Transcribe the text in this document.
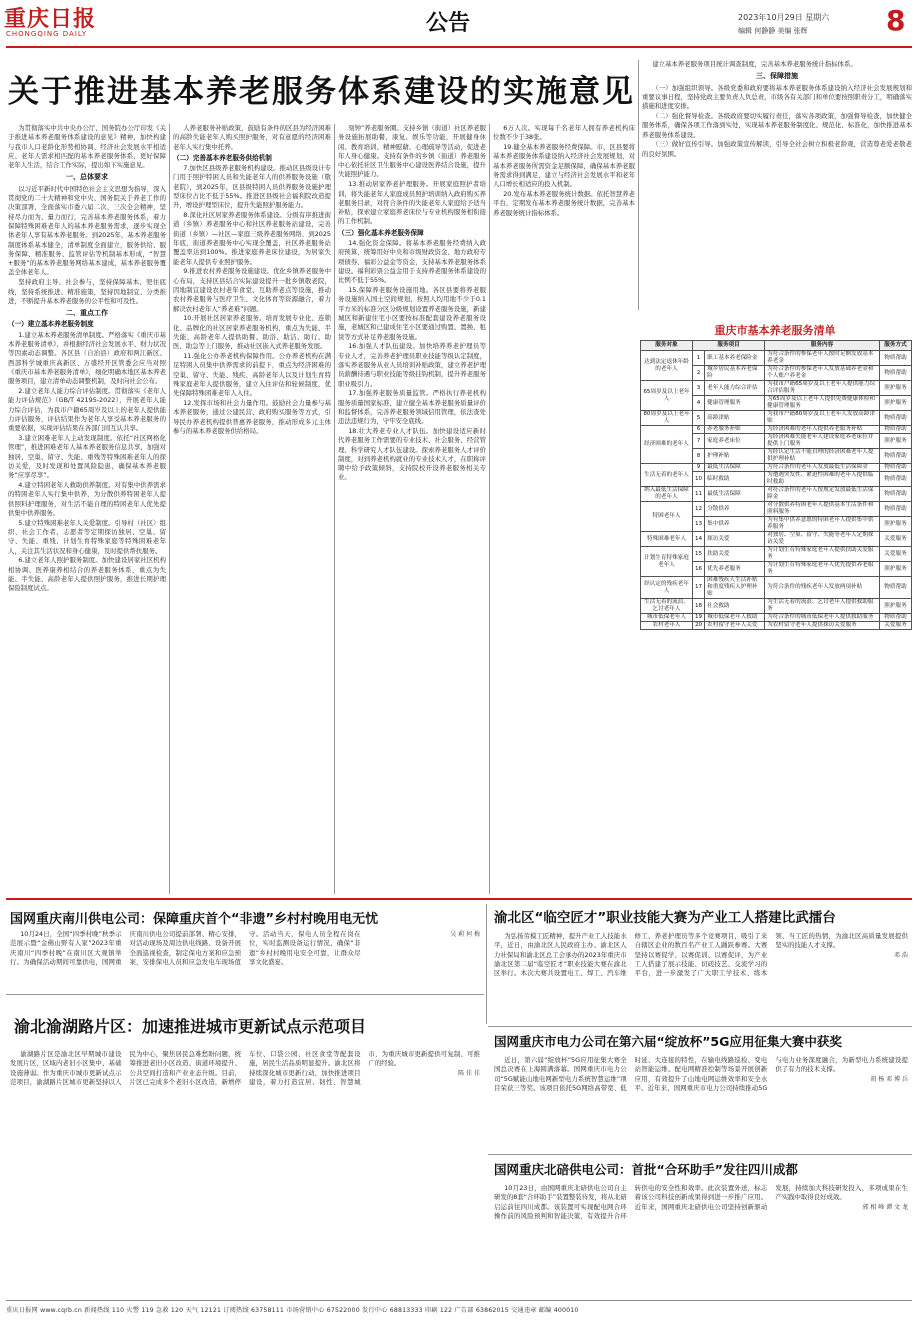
重庆日报
CHONGQING DAILY	公告	2023年10月29日 星期六
编辑 何静静 美编 张辉	8
关于推进基本养老服务体系建设的实施意见

为贯彻落实中共中央办公厅、国务院办公厅印发《关于推进基本养老服务体系建设的意见》精神，加快构建与我市人口老龄化形势相协调、经济社会发展水平相适应、老年人需求相匹配的基本养老服务体系，更好保障老年人生活，结合工作实际，提出如下实施意见。

一、总体要求

以习近平新时代中国特色社会主义思想为指导，深入贯彻党的二十大精神和党中央、国务院关于养老工作的决策部署，全面落实市委六届二次、三次全会精神，坚持尽力而为、量力而行，完善基本养老服务体系，着力保障特殊困难老年人的基本养老服务需求，逐步实现全体老年人享有基本养老服务。到2025年，基本养老服务制度体系基本健全，清单制度全面建立，服务供给、服务保障、精准服务、监管评估等机制基本形成，“智慧+服务”的基本养老服务网络基本建成，基本养老服务覆盖全体老年人。

坚持政府主导、社会参与，坚持保障基本、兜住底线，坚持系统推进、精准施策，坚持因地制宜、分类推进，不断提升基本养老服务的公平性和可及性。

二、重点工作
（一）建立基本养老服务制度

1.建立基本养老服务清单制度。严格落实《重庆市基本养老服务清单》，并根据经济社会发展水平、财力状况等因素动态调整。各区县（自治县）政府和两江新区、西部科学城重庆高新区、万盛经开区管委会应当对照《重庆市基本养老服务清单》，细化明确本地区基本养老服务项目，建立清单动态调整机制，及时向社会公布。

2.建立老年人能力综合评估制度。贯彻落实《老年人能力评估规范》（GB/T 42195-2022），开展老年人能力综合评估，为我市户籍65周岁及以上的老年人提供能力评估服务，评估结果作为老年人享受基本养老服务的重要依据，实现评估结果在各部门间互认共享。

3.建立困难老年人主动发现制度。依托“社区网格化管理”，推进困难老年人基本养老服务信息共享，加强对独居、空巢、留守、失能、重残等特殊困难老年人的探访关爱，及时发现和处置风险隐患，确保基本养老服务“应享尽享”。

4.建立特困老年人救助供养制度。对有集中供养需求的特困老年人实行集中供养，为分散供养特困老年人提供照料护理服务，对生活不能自理的特困老年人优先提供集中供养服务。

5.建立特殊困难老年人关爱制度。引导村（社区）组织、社会工作者、志愿者等定期探访独居、空巢、留守、失能、重残、计划生育特殊家庭等特殊困难老年人，关注其生活状况和身心健康，及时提供帮扶服务。

6.建立老年人照护服务制度。加快建设居家社区机构相协调、医养康养相结合的养老服务体系，重点为失能、半失能、高龄老年人提供照护服务，推进长期护理保险制度试点。

人养老服务补贴政策，鼓励有条件的区县为经济困难的高龄失能老年人购买照护服务，对有意愿的经济困难老年人实行集中托养。

（二）完善基本养老服务供给机制

7.加快区县级养老服务机构建设。推动区县级设计专门用于照护特困人员和失能老年人的供养服务设施（敬老院），到2025年，区县级特困人员供养服务设施护理型床位占比不低于55%。推进区县级社会福利院改造提升，增设护理型床位，提升失能照护服务能力。

8.深化社区居家养老服务体系建设。分级有序推进街道（乡镇）养老服务中心和社区养老服务站建设，完善街道（乡镇）—社区—家庭三级养老服务网络，到2025年底，街道养老服务中心实现全覆盖，社区养老服务站覆盖率达到100%。推进家庭养老床位建设，为居家失能老年人提供专业照护服务。

9.推进农村养老服务设施建设。优化乡镇养老服务中心布局，支持区县结合实际建设提升一批乡镇敬老院，因地制宜建设农村老年食堂、互助养老点等设施，推动农村养老服务与医疗卫生、文化体育等资源融合，着力解决农村老年人“养老难”问题。

10.开展社区居家养老服务。培育发展专业化、连锁化、品牌化的社区居家养老服务机构，重点为失能、半失能、高龄老年人提供助餐、助浴、助洁、助行、助医、助急等上门服务，推动社区嵌入式养老服务发展。

11.强化公办养老机构保障作用。公办养老机构在满足特困人员集中供养需求的前提下，重点为经济困难的空巢、留守、失能、残疾、高龄老年人以及计划生育特殊家庭老年人提供服务，建立入住评估和轮候制度，优先保障特殊困难老年人入住。

12.发挥市场和社会力量作用。鼓励社会力量参与基本养老服务，通过公建民营、政府购买服务等方式，引导民办养老机构提供普惠养老服务，推动形成多元主体参与的基本养老服务供给格局。

刻钟”养老服务圈。支持乡镇（街道）社区养老服务设施拓展助餐、康复、娱乐等功能，开展健身休闲、教育培训、精神慰藉、心理疏导等活动，促进老年人身心健康。支持有条件的乡镇（街道）养老服务中心依托社区卫生服务中心建设医养结合设施，提升失能照护能力。

13.推动居家养老护理服务。开展家庭照护者培训，将失能老年人家庭成员照护培训纳入政府购买养老服务目录，对符合条件的失能老年人家庭给予适当补贴，探索建立家庭养老床位与专业机构服务相衔接的工作机制。

（三）强化基本养老服务保障

14.强化资金保障。将基本养老服务经费纳入政府预算，统筹用好中央和市级财政资金、地方政府专项债券、福彩公益金等资金，支持基本养老服务体系建设。福利彩票公益金用于支持养老服务体系建设的比例不低于55%。

15.保障养老服务设施用地。各区县要将养老服务设施纳入国土空间规划，按照人均用地不少于0.1平方米的标准分区分级规划设置养老服务设施，新建城区和新建住宅小区要按标准配套建设养老服务设施，老城区和已建成住宅小区要通过购置、置换、租赁等方式补足养老服务设施。

16.加强人才队伍建设。加快培养养老护理员等专业人才，完善养老护理员职业技能等级认定制度，落实养老服务从业人员培训补贴政策，建立养老护理员薪酬待遇与职业技能等级挂钩机制，提升养老服务职业吸引力。

17.加强养老服务质量监管。严格执行养老机构服务质量国家标准，建立健全基本养老服务质量评价和监督体系，完善养老服务领域信用管理，依法查处违法违规行为，守牢安全底线。

18.壮大养老专业人才队伍。加快建设适应新时代养老服务工作需要的专业技术、社会服务、经营管理、科学研究人才队伍建设。探索养老服务人才评价制度，对到养老机构就业的专业技术人才，在职称评聘中给予政策倾斜，支持院校开设养老服务相关专业。

6万人次。实现每千名老年人拥有养老机构床位数不少于38张。

19.健全基本养老服务经费保障。市、区县要将基本养老服务体系建设纳入经济社会发展规划，对基本养老服务所需资金足额保障，确保基本养老服务需求得到满足，建立与经济社会发展水平和老年人口增长相适应的投入机制。

20.发布基本养老服务统计数据。依托智慧养老平台，定期发布基本养老服务统计数据，完善基本养老服务统计指标体系。

建立基本养老服务项目统计调查制度，完善基本养老服务统计指标体系。

三、保障措施

（一）加强组织领导。各级党委和政府要将基本养老服务体系建设纳入经济社会发展规划和重要议事日程，坚持党政主要负责人负总责，市级各有关部门和单位要按照职责分工，明确落实措施和进度安排。

（二）强化督导检查。各级政府要切实履行责任，落实各项政策，加强督导检查，加快健全服务体系，确保各项工作落到实处，实现基本养老服务制度化、规范化、标准化，加快推进基本养老服务体系建设。

（三）做好宣传引导。加强政策宣传解读，引导全社会树立积极老龄观，营造尊老爱老敬老的良好氛围。

重庆市基本养老服务清单
服务对象	服务项目		服务内容	服务方式
达到法定退休年龄的老年人	1	职工基本养老保险金	为符合条件的参保老年人按时足额发放基本养老金	物质帮助
	2	城乡居民基本养老保险	为符合条件的参保老年人发放基础养老金和个人账户养老金	物质帮助
65周岁及以上老年人	3	老年人能力综合评估	为我市户籍65周岁及以上老年人提供能力综合评估服务	照护服务
	4	健康管理服务	为65周岁及以上老年人提供免费健康体检和健康管理服务	照护服务
80周岁及以上老年人	5	高龄津贴	为我市户籍80周岁及以上老年人发放高龄津贴	物质帮助
经济困难的老年人	6	养老服务补贴	为经济困难的老年人提供养老服务补贴	物质帮助
	7	家庭养老床位	为经济困难失能老年人建设家庭养老床位并提供上门服务	照护服务
	8	护理补贴	为经认定生活不能自理的经济困难老年人提供护理补贴	物质帮助
生活无着的老年人	9	最低生活保障	为符合条件的老年人发放最低生活保障金	物质帮助
	10	临时救助	为遭遇突发性、紧迫性困难的老年人提供临时救助	物质帮助
纳入最低生活保障的老年人	11	最低生活保障	对符合条件的老年人按规定发放最低生活保障金	物质帮助
特困老年人	12	分散供养	对分散供养特困老年人提供基本生活条件和照料服务	物质帮助
	13	集中供养	为有集中供养意愿的特困老年人提供集中供养服务	照护服务
特殊困难老年人	14	探访关爱	对独居、空巢、留守、失能等老年人定期探访关爱	关爱服务
计划生育特殊家庭老年人	15	扶助关爱	为计划生育特殊家庭老年人提供扶助关爱服务	关爱服务
	16	优先养老服务	为计划生育特殊家庭老年人优先提供养老服务	照护服务
经认定的残疾老年人	17	困难残疾人生活补贴和重度残疾人护理补贴	为符合条件的残疾老年人发放两项补贴	物质帮助
生活无着的流浪、乞讨老年人	18	社会救助	为生活无着的流浪、乞讨老年人提供救助服务	照护服务
城市低保老年人	19	城市低保老年人救助	为符合条件的城市低保老年人提供救助服务	物质帮助
农村老年人	20	农村留守老年人关爱	为农村留守老年人提供探访关爱服务	关爱服务
国网重庆南川供电公司：保障重庆首个“非遗”乡村村晚用电无忧

10月24日，全国“四季村晚”秋季示范展示暨“金佛山野有人家”2023年重庆南川“四季村晚”在南川区大观镇举行。为确保活动期间可靠供电，国网重庆南川供电公司提前部署、精心安排，对活动现场及周边供电线路、设备开展全面巡视检查，制定保电方案和应急预案，安排保电人员和应急发电车现场值守。活动当天，保电人员全程在岗在位，实时监测设备运行情况，确保“非遗”乡村村晚用电安全可靠，让群众尽享文化盛宴。

吴 莉 何 梅
渝北区“临空匠才”职业技能大赛为产业工人搭建比武擂台

为弘扬劳模工匠精神，提升产业工人技能水平，近日，由渝北区人民政府主办、渝北区人力社保局和渝北区总工会承办的2023年重庆市渝北区第二届“临空匠才”职业技能大赛在渝北区举行。本次大赛共设置电工、焊工、汽车维修工、养老护理员等多个竞赛项目，吸引了来自辖区企业的数百名产业工人踊跃参赛。大赛坚持以赛促学、以赛促训、以赛促评，为产业工人搭建了展示技能、切磋技艺、交流学习的平台，进一步激发了广大职工学技术、练本领、当工匠的热情，为渝北区高质量发展提供坚实的技能人才支撑。

邓 浩
渝北渝湖路片区：加速推进城市更新试点示范项目

渝湖路片区是渝北区早期城市建设发展片区，区域内老旧小区集中、基础设施薄弱。作为重庆市城市更新试点示范项目，渝湖路片区城市更新坚持以人民为中心，聚焦居民急难愁盼问题，统筹推进老旧小区改造、街道环境提升、公共空间打造和产业业态升级。目前，片区已完成多个老旧小区改造，新增停车位、口袋公园、社区食堂等配套设施，居民生活品质明显提升。渝北区将持续深化城市更新行动，加快推进项目建设，着力打造宜居、韧性、智慧城市，为重庆城市更新提供可复制、可推广的经验。

陈 佳 佳
国网重庆市电力公司在第六届“绽放杯”5G应用征集大赛中获奖

近日，第六届“绽放杯”5G应用征集大赛全国总决赛在上海圆满落幕。国网重庆市电力公司“5G赋能山地电网新型电力系统智慧运维”项目荣获三等奖。该项目依托5G网络高带宽、低时延、大连接的特性，在输电线路巡检、变电站智能运维、配电网精准控制等场景开展创新应用，有效提升了山地电网运维效率和安全水平。近年来，国网重庆市电力公司持续推动5G与电力业务深度融合，为新型电力系统建设提供了有力的技术支撑。

胡 杨 邓 博 兵
国网重庆北碚供电公司：首批“合环助手”发往四川成都

10月23日，由国网重庆北碚供电公司自主研发的8套“合环助手”装置整装待发，将从北碚启运前往四川成都。该装置可实现配电网合环操作前的风险预判和智能决策，有效提升合环转供电的安全性和效率。此次装置外送，标志着该公司科技创新成果得到进一步推广应用。近年来，国网重庆北碚供电公司坚持创新驱动发展，持续加大科技研发投入，多项成果在生产实践中取得良好成效。

郭 相 峰 谭 文 龙
重庆日报网 www.cqrb.cn 新闻热线 110 火警 119 急救 120 天气 12121 订阅热线 63758111 市场营销中心 67522000 发行中心 68813333 印刷 122 广告部 63862015 交通违章 邮编 400010
